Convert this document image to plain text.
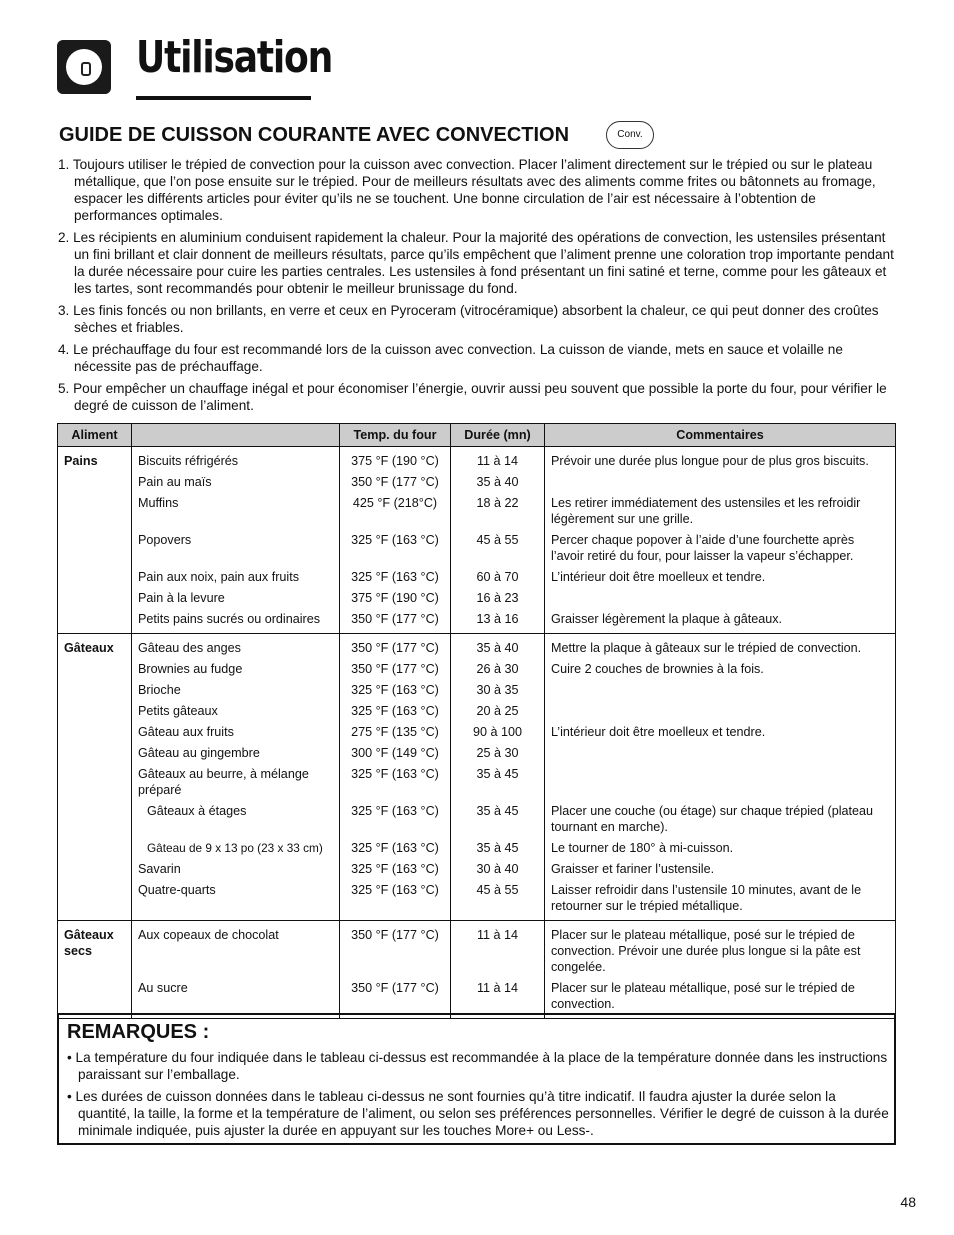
Utilisation
GUIDE DE CUISSON COURANTE AVEC CONVECTION	Conv.
1. Toujours utiliser le trépied de convection pour la cuisson avec convection. Placer l’aliment directement sur le trépied ou sur le plateau métallique, que l’on pose ensuite sur le trépied. Pour de meilleurs résultats avec des aliments comme frites ou bâtonnets au fromage, espacer les différents articles pour éviter qu’ils ne se touchent. Une bonne circulation de l’air est nécessaire à l’obtention de performances optimales.
2. Les récipients en aluminium conduisent rapidement la chaleur. Pour la majorité des opérations de convection, les ustensiles présentant un fini brillant et clair donnent de meilleurs résultats, parce qu’ils empêchent que l’aliment prenne une coloration trop importante pendant la durée nécessaire pour cuire les parties centrales. Les ustensiles à fond présentant un fini satiné et terne, comme pour les gâteaux et les tartes, sont recommandés pour obtenir le meilleur brunissage du fond.
3. Les finis foncés ou non brillants, en verre et ceux en Pyroceram (vitrocéramique) absorbent la chaleur, ce qui peut donner des croûtes sèches et friables.
4. Le préchauffage du four est recommandé lors de la cuisson avec convection. La cuisson de viande, mets en sauce et volaille ne nécessite pas de préchauffage.
5. Pour empêcher un chauffage inégal et pour économiser l’énergie, ouvrir aussi peu souvent que possible la porte du four, pour vérifier le degré de cuisson de l’aliment.
Aliment		Temp. du four	Durée (mn)	Commentaires
Pains	Biscuits réfrigérés	375 °F (190 °C)	11 à 14	Prévoir une durée plus longue pour de plus gros biscuits.
	Pain au maïs	350 °F (177 °C)	35 à 40	
	Muffins	425 °F (218°C)	18 à 22	Les retirer immédiatement des ustensiles et les refroidir légèrement sur une grille.
	Popovers	325 °F (163 °C)	45 à 55	Percer chaque popover à l’aide d’une fourchette après l’avoir retiré du four, pour laisser la vapeur s’échapper.
	Pain aux noix, pain aux fruits	325 °F (163 °C)	60 à 70	L’intérieur doit être moelleux et tendre.
	Pain à la levure	375 °F (190 °C)	16 à 23	
	Petits pains sucrés ou ordinaires	350 °F (177 °C)	13 à 16	Graisser légèrement la plaque à gâteaux.
Gâteaux	Gâteau des anges	350 °F (177 °C)	35 à 40	Mettre la plaque à gâteaux sur le trépied de convection.
	Brownies au fudge	350 °F (177 °C)	26 à 30	Cuire 2 couches de brownies à la fois.
	Brioche	325 °F (163 °C)	30 à 35	
	Petits gâteaux	325 °F (163 °C)	20 à 25	
	Gâteau aux fruits	275 °F (135 °C)	90 à 100	L’intérieur doit être moelleux et tendre.
	Gâteau au gingembre	300 °F (149 °C)	25 à 30	
	Gâteaux au beurre, à mélange préparé	325 °F (163 °C)	35 à 45	
	Gâteaux à étages	325 °F (163 °C)	35 à 45	Placer une couche (ou étage) sur chaque trépied (plateau tournant en marche).
	Gâteau de 9 x 13 po (23 x 33 cm)	325 °F (163 °C)	35 à 45	Le tourner de 180° à mi-cuisson.
	Savarin	325 °F (163 °C)	30 à 40	Graisser et fariner l’ustensile.
	Quatre-quarts	325 °F (163 °C)	45 à 55	Laisser refroidir dans l’ustensile 10 minutes, avant de le retourner sur le trépied métallique.
Gâteaux secs	Aux copeaux de chocolat	350 °F (177 °C)	11 à 14	Placer sur le plateau métallique, posé sur le trépied de convection. Prévoir une durée plus longue si la pâte est congelée.
	Au sucre	350 °F (177 °C)	11 à 14	Placer sur le plateau métallique, posé sur le trépied de convection.
REMARQUES :
• La température du four indiquée dans le tableau ci-dessus est recommandée à la place de la température donnée dans les instructions paraissant sur l’emballage.
• Les durées de cuisson données dans le tableau ci-dessus ne sont fournies qu’à titre indicatif. Il faudra ajuster la durée selon la quantité, la taille, la forme et la température de l’aliment, ou selon ses préférences personnelles. Vérifier le degré de cuisson à la durée minimale indiquée, puis ajuster la durée en appuyant sur les touches More+ ou Less-.
48
